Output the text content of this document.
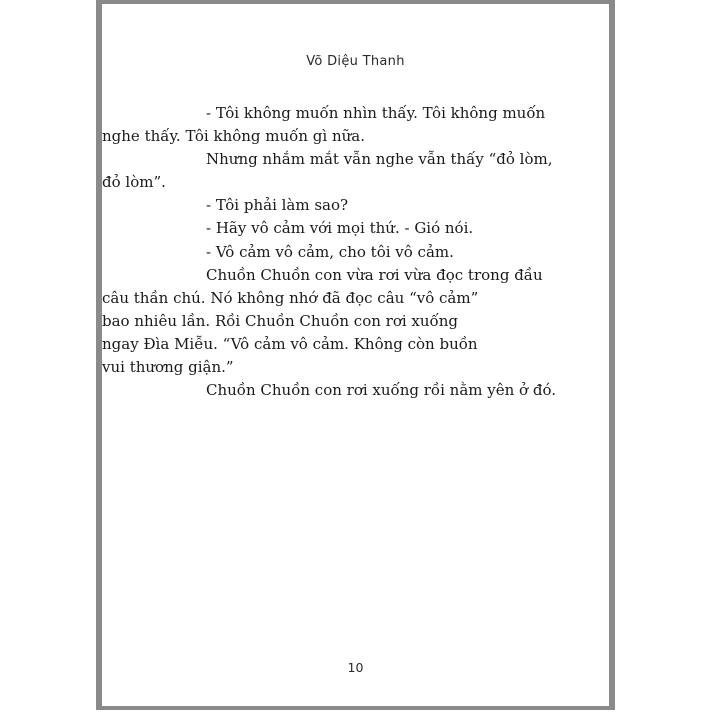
Võ Diệu Thanh

- Tôi không muốn nhìn thấy. Tôi không muốn
nghe thấy. Tôi không muốn gì nữa.

Nhưng nhắm mắt vẫn nghe vẫn thấy “đỏ lòm,
đỏ lòm”.

- Tôi phải làm sao?

- Hãy vô cảm với mọi thứ. - Gió nói.

- Vô cảm vô cảm, cho tôi vô cảm.

Chuồn Chuồn con vừa rơi vừa đọc trong đầu
câu thần chú. Nó không nhớ đã đọc câu “vô cảm”
bao nhiêu lần. Rồi Chuồn Chuồn con rơi xuống
ngay Đìa Miễu. “Vô cảm vô cảm. Không còn buồn
vui thương giận.”

Chuồn Chuồn con rơi xuống rồi nằm yên ở đó.

10
